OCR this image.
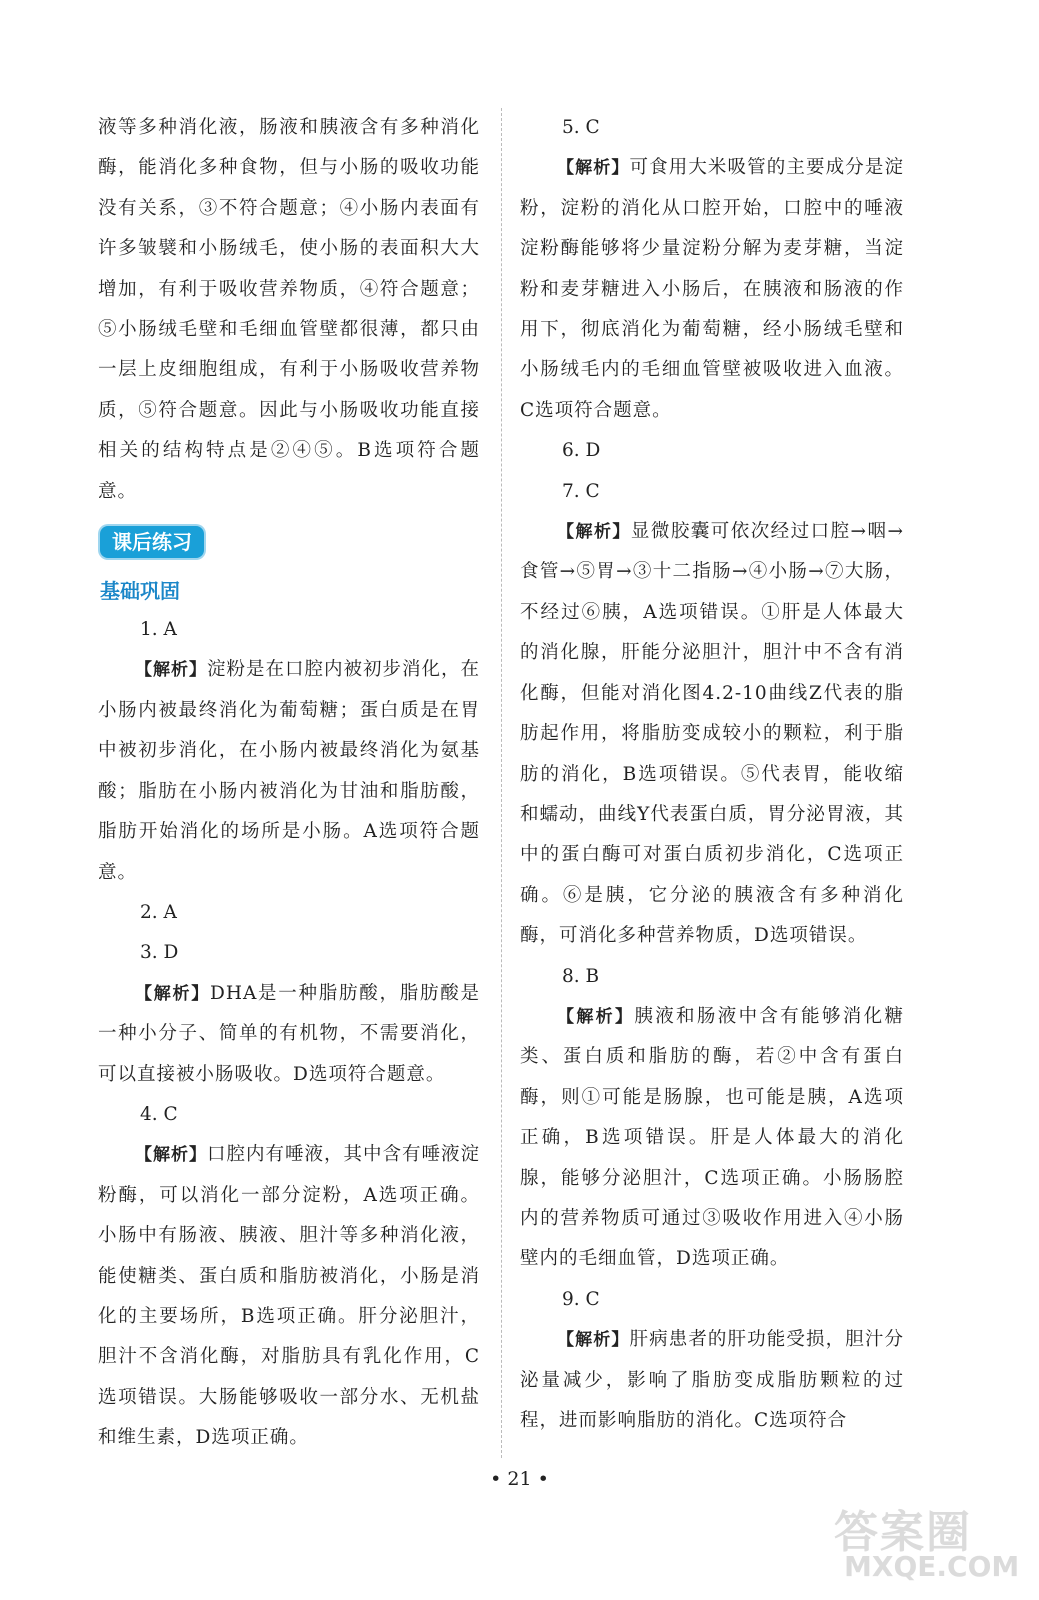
液等多种消化液，肠液和胰液含有多种消化酶，能消化多种食物，但与小肠的吸收功能没有关系，③不符合题意；④小肠内表面有许多皱襞和小肠绒毛，使小肠的表面积大大增加，有利于吸收营养物质，④符合题意；⑤小肠绒毛壁和毛细血管壁都很薄，都只由一层上皮细胞组成，有利于小肠吸收营养物质，⑤符合题意。因此与小肠吸收功能直接相关的结构特点是②④⑤。B选项符合题意。

课后练习
基础巩固
1. A

【解析】淀粉是在口腔内被初步消化，在小肠内被最终消化为葡萄糖；蛋白质是在胃中被初步消化，在小肠内被最终消化为氨基酸；脂肪在小肠内被消化为甘油和脂肪酸，脂肪开始消化的场所是小肠。A选项符合题意。

2. A
3. D

【解析】DHA是一种脂肪酸，脂肪酸是一种小分子、简单的有机物，不需要消化，可以直接被小肠吸收。D选项符合题意。

4. C

【解析】口腔内有唾液，其中含有唾液淀粉酶，可以消化一部分淀粉，A选项正确。小肠中有肠液、胰液、胆汁等多种消化液，能使糖类、蛋白质和脂肪被消化，小肠是消化的主要场所，B选项正确。肝分泌胆汁，胆汁不含消化酶，对脂肪具有乳化作用，C选项错误。大肠能够吸收一部分水、无机盐和维生素，D选项正确。

5. C

【解析】可食用大米吸管的主要成分是淀粉，淀粉的消化从口腔开始，口腔中的唾液淀粉酶能够将少量淀粉分解为麦芽糖，当淀粉和麦芽糖进入小肠后，在胰液和肠液的作用下，彻底消化为葡萄糖，经小肠绒毛壁和小肠绒毛内的毛细血管壁被吸收进入血液。C选项符合题意。

6. D
7. C

【解析】显微胶囊可依次经过口腔→咽→食管→⑤胃→③十二指肠→④小肠→⑦大肠，不经过⑥胰，A选项错误。①肝是人体最大的消化腺，肝能分泌胆汁，胆汁中不含有消化酶，但能对消化图4.2-10曲线Z代表的脂肪起作用，将脂肪变成较小的颗粒，利于脂肪的消化，B选项错误。⑤代表胃，能收缩和蠕动，曲线Y代表蛋白质，胃分泌胃液，其中的蛋白酶可对蛋白质初步消化，C选项正确。⑥是胰，它分泌的胰液含有多种消化酶，可消化多种营养物质，D选项错误。

8. B

【解析】胰液和肠液中含有能够消化糖类、蛋白质和脂肪的酶，若②中含有蛋白酶，则①可能是肠腺，也可能是胰，A选项正确，B选项错误。肝是人体最大的消化腺，能够分泌胆汁，C选项正确。小肠肠腔内的营养物质可通过③吸收作用进入④小肠壁内的毛细血管，D选项正确。

9. C

【解析】肝病患者的肝功能受损，胆汁分泌量减少，影响了脂肪变成脂肪颗粒的过程，进而影响脂肪的消化。C选项符合

• 21 •
答案圈
MXQE.COM
